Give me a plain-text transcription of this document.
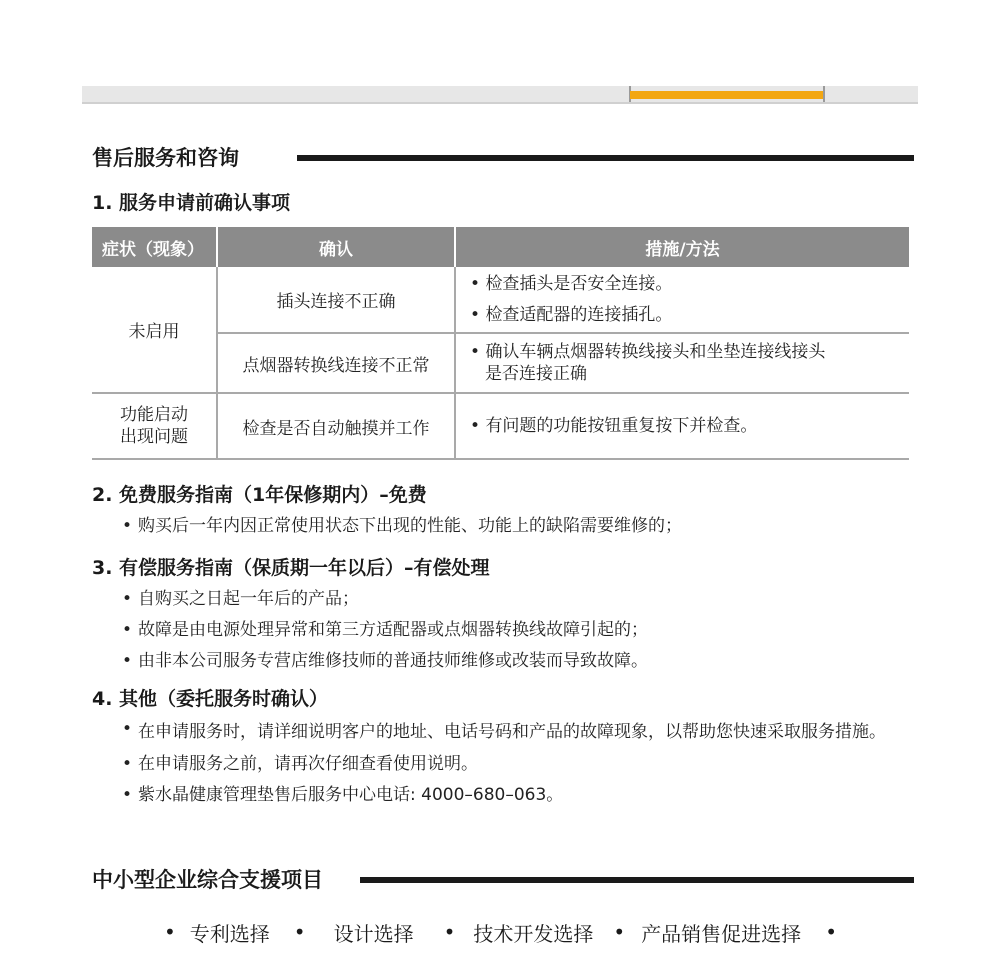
售后服务和咨询
1. 服务申请前确认事项
症状（现象）	确认	措施/方法
未启用	插头连接不正确	• 检查插头是否安全连接。
• 检查适配器的连接插孔。

	点烟器转换线连接不正常	• 确认车辆点烟器转换线接头和坐垫连接线接头
是否连接正确

功能启动
出现问题	检查是否自动触摸并工作	• 有问题的功能按钮重复按下并检查。
2. 免费服务指南（1年保修期内）–免费
• 购买后一年内因正常使用状态下出现的性能、功能上的缺陷需要维修的；
3. 有偿服务指南（保质期一年以后）–有偿处理
• 自购买之日起一年后的产品；
• 故障是由电源处理异常和第三方适配器或点烟器转换线故障引起的；
• 由非本公司服务专营店维修技师的普通技师维修或改装而导致故障。
4. 其他（委托服务时确认）
• 在申请服务时，请详细说明客户的地址、电话号码和产品的故障现象，以帮助您快速采取服务措施。
• 在申请服务之前，请再次仔细查看使用说明。
• 紫水晶健康管理垫售后服务中心电话: 4000–680–063。
中小型企业综合支援项目
• 专利选择 • 设计选择 • 技术开发选择 • 产品销售促进选择 •
